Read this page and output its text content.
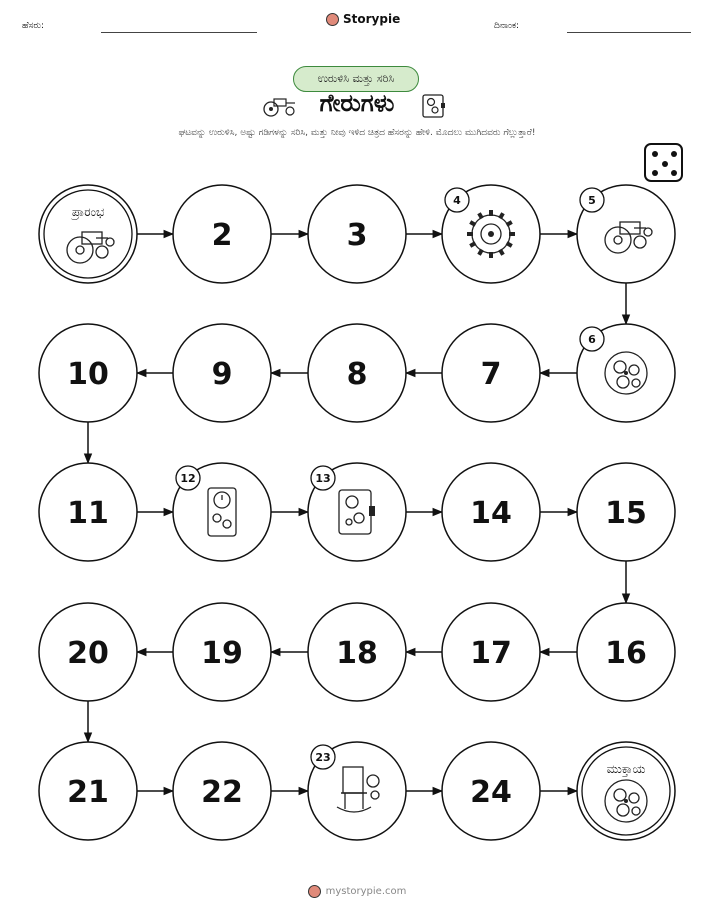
ಹೆಸರು:	Storypie	ದಿನಾಂಕ:
ಉರುಳಿಸಿ ಮತ್ತು ಸರಿಸಿ
ಗೇರುಗಳು
ಘಟವನ್ನು ಉರುಳಿಸಿ, ಅಷ್ಟು ಗಡಿಗಳನ್ನು ಸರಿಸಿ, ಮತ್ತು ನೀವು ಇಳಿದ ಚಿತ್ರದ ಹೆಸರನ್ನು ಹೇಳಿ. ಮೊದಲು ಮುಗಿದವರು ಗೆಲ್ಲುತ್ತಾರೆ!
ಪ್ರಾರಂಭ
2	3
4	5
6
7
8
9
10
11
12	13
14	15
16
17
18
19
20
21	22
23
24
ಮುಕ್ತಾಯ
mystorypie.com
